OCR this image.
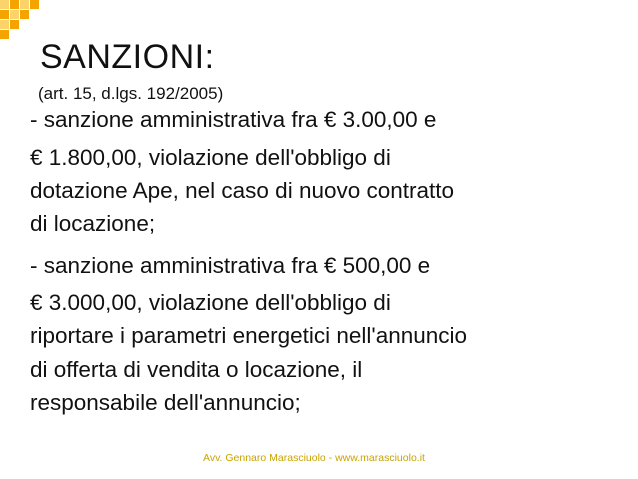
SANZIONI:
(art. 15, d.lgs. 192/2005)
- sanzione amministrativa fra € 3.00,00 e
€ 1.800,00, violazione dell'obbligo di
dotazione Ape, nel caso di nuovo contratto
di locazione;
- sanzione amministrativa fra € 500,00 e
€ 3.000,00, violazione dell'obbligo di
riportare i parametri energetici nell'annuncio
di offerta di vendita o locazione, il
responsabile dell'annuncio;
Avv. Gennaro Marasciuolo - www.marasciuolo.it
